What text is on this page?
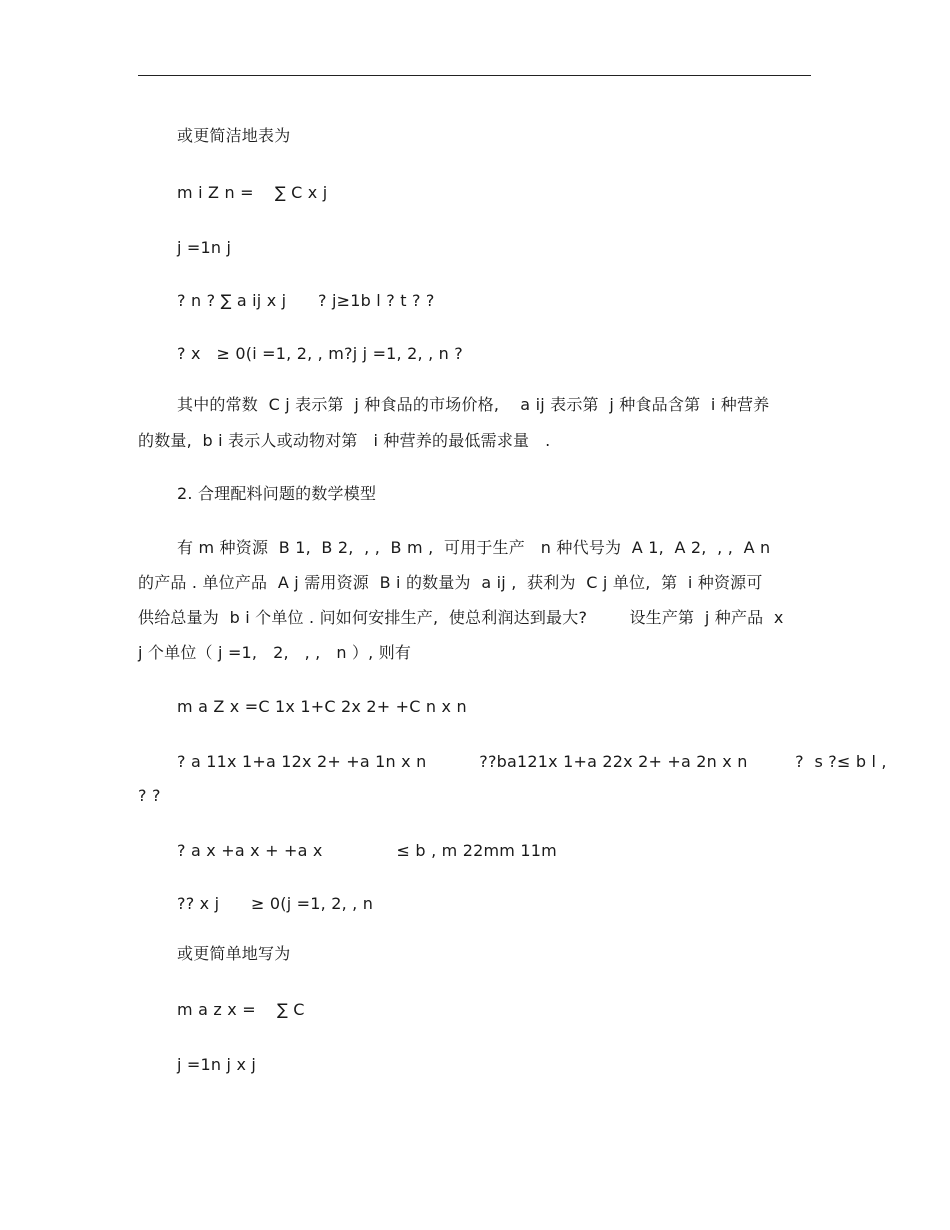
或更简洁地表为
m i Z n =    ∑ C x j
j =1n j
? n ? ∑ a ij x j      ? j≥1b l ? t ? ?
? x   ≥ 0(i =1, 2, , m?j j =1, 2, , n ?
其中的常数  C j 表示第  j 种食品的市场价格,    a ij 表示第  j 种食品含第  i 种营养
的数量,  b i 表示人或动物对第   i 种营养的最低需求量   .
2. 合理配料问题的数学模型
有 m 种资源  B 1,  B 2,  , ,  B m ,  可用于生产   n 种代号为  A 1,  A 2,  , ,  A n
的产品 . 单位产品  A j 需用资源  B i 的数量为  a ij ,  获利为  C j 单位,  第  i 种资源可
供给总量为  b i 个单位 . 问如何安排生产,  使总利润达到最大?        设生产第  j 种产品  x
j 个单位（ j =1,   2,   , ,   n ）, 则有
m a Z x =C 1x 1+C 2x 2+ +C n x n
? a 11x 1+a 12x 2+ +a 1n x n          ??ba121x 1+a 22x 2+ +a 2n x n         ?  s ?≤ b l ,
? ?
? a x +a x + +a x              ≤ b , m 22mm 11m
?? x j      ≥ 0(j =1, 2, , n
或更简单地写为
m a z x =    ∑ C
j =1n j x j
